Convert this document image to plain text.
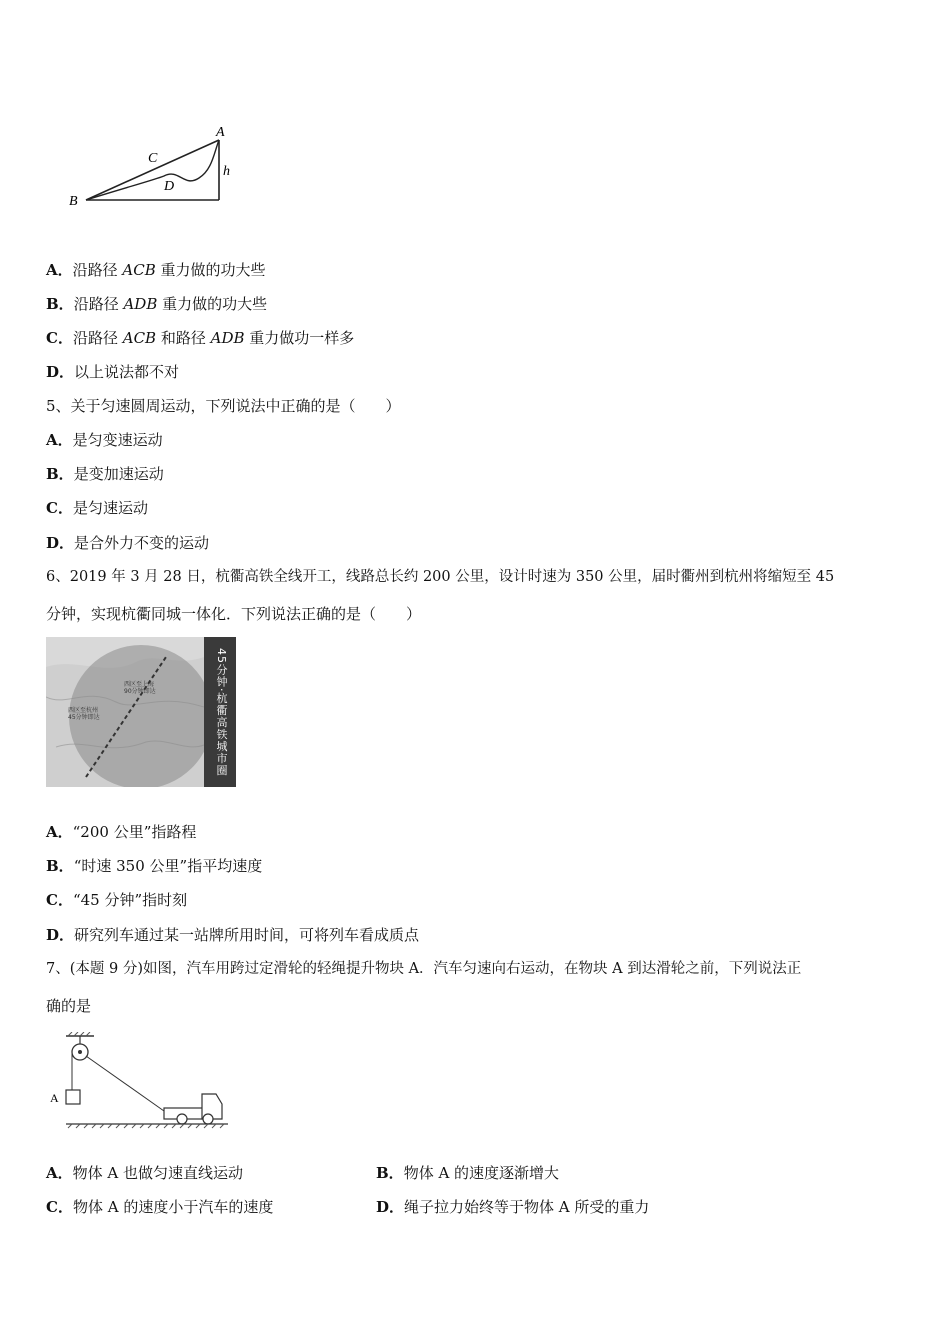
A
B
C
D
h
A．沿路径 ACB 重力做的功大些
B．沿路径 ADB 重力做的功大些
C．沿路径 ACB 和路径 ADB 重力做功一样多
D．以上说法都不对
5、关于匀速圆周运动，下列说法中正确的是（　　）
A．是匀变速运动
B．是变加速运动
C．是匀速运动
D．是合外力不变的运动
6、2019 年 3 月 28 日，杭衢高铁全线开工，线路总长约 200 公里，设计时速为 350 公里，届时衢州到杭州将缩短至 45
分钟，实现杭衢同城一体化．下列说法正确的是（　　）
西区至上海
90分钟即达
西区至杭州
45分钟即达	45分钟·杭衢高铁城市圈
A．“200 公里”指路程
B．“时速 350 公里”指平均速度
C．“45 分钟”指时刻
D．研究列车通过某一站牌所用时间，可将列车看成质点
7、(本题 9 分)如图，汽车用跨过定滑轮的轻绳提升物块 A．汽车匀速向右运动，在物块 A 到达滑轮之前，下列说法正
确的是
A
A．物体 A 也做匀速直线运动	B．物体 A 的速度逐渐增大
C．物体 A 的速度小于汽车的速度	D．绳子拉力始终等于物体 A 所受的重力
